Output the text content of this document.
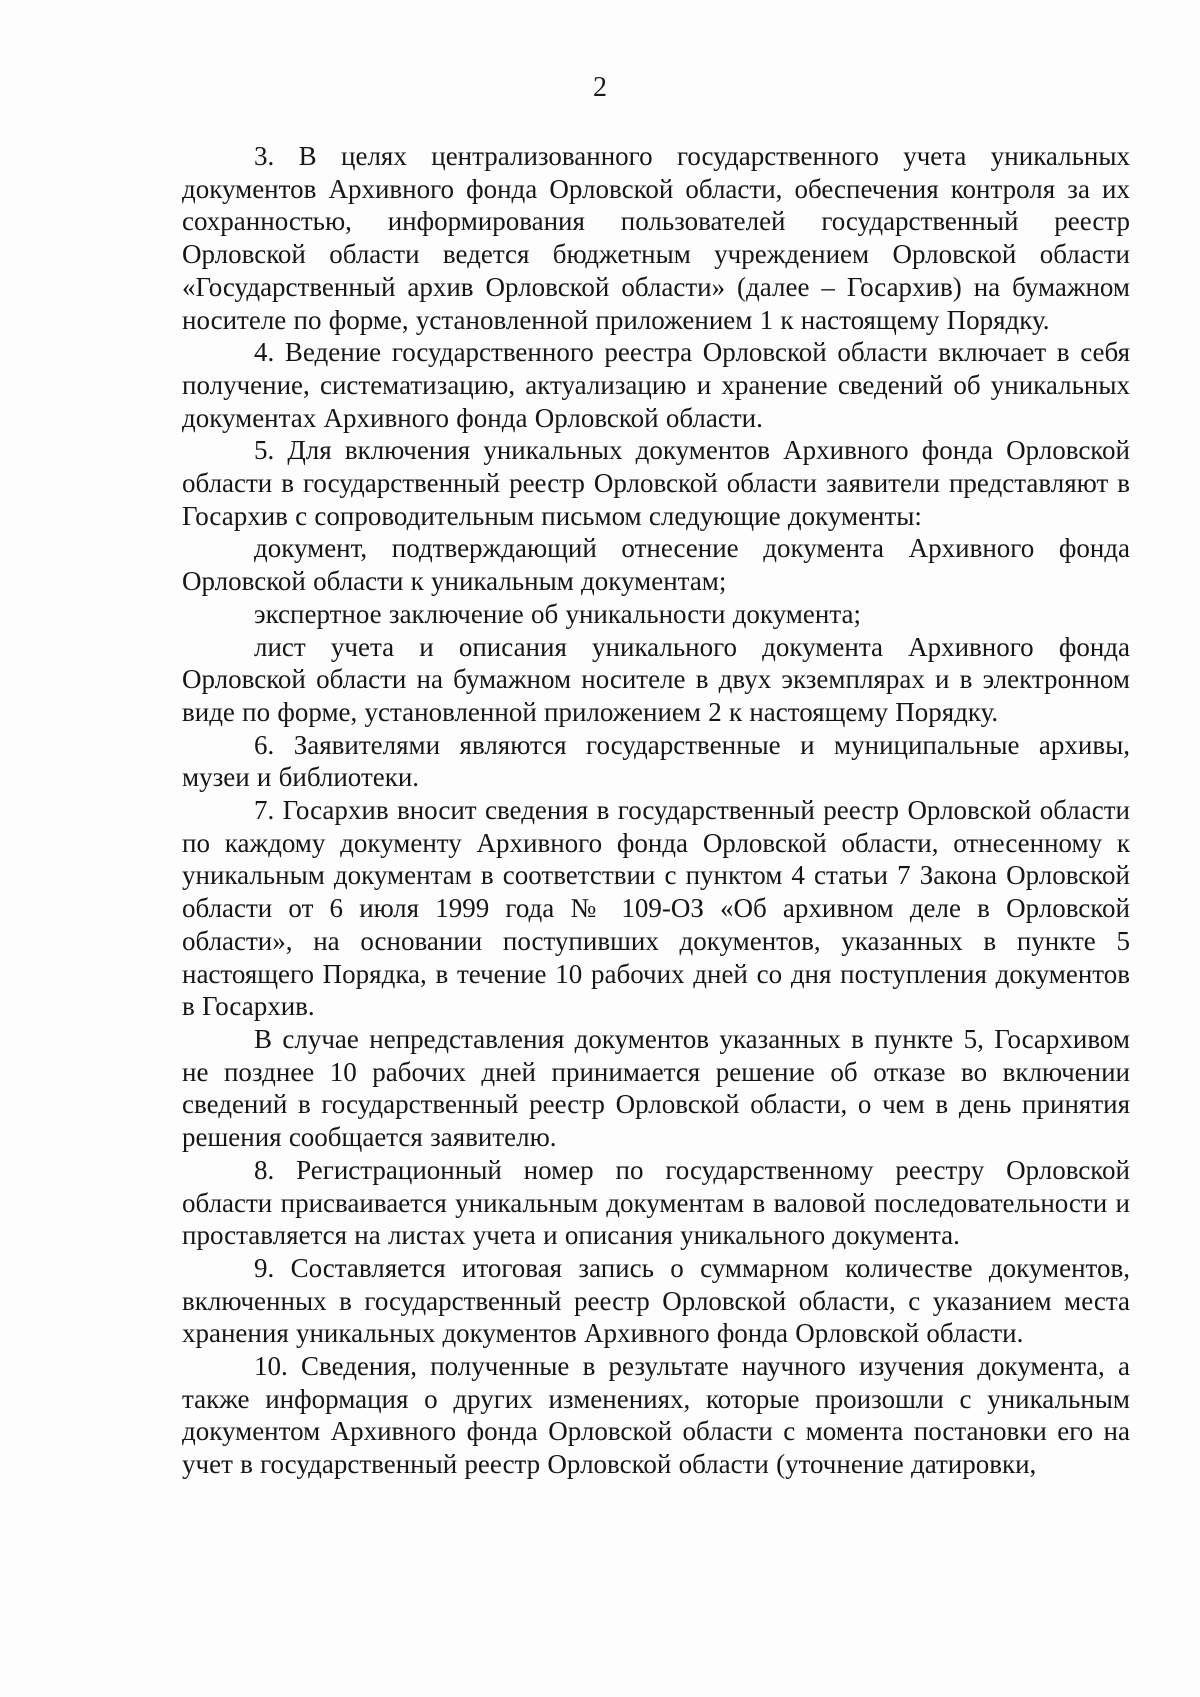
2

3. В целях централизованного государственного учета уникальных документов Архивного фонда Орловской области, обеспечения контроля за их сохранностью, информирования пользователей государственный реестр Орловской области ведется бюджетным учреждением Орловской области «Государственный архив Орловской области» (далее – Госархив) на бумажном носителе по форме, установленной приложением 1 к настоящему Порядку.

4. Ведение государственного реестра Орловской области включает в себя получение, систематизацию, актуализацию и хранение сведений об уникальных документах Архивного фонда Орловской области.

5. Для включения уникальных документов Архивного фонда Орловской области в государственный реестр Орловской области заявители представляют в Госархив с сопроводительным письмом следующие документы:

документ, подтверждающий отнесение документа Архивного фонда Орловской области к уникальным документам;

экспертное заключение об уникальности документа;

лист учета и описания уникального документа Архивного фонда Орловской области на бумажном носителе в двух экземплярах и в электронном виде по форме, установленной приложением 2 к настоящему Порядку.

6. Заявителями являются государственные и муниципальные архивы, музеи и библиотеки.

7. Госархив вносит сведения в государственный реестр Орловской области по каждому документу Архивного фонда Орловской области, отнесенному к уникальным документам в соответствии с пунктом 4 статьи 7 Закона Орловской области от 6 июля 1999 года № 109-ОЗ «Об архивном деле в Орловской области», на основании поступивших документов, указанных в пункте 5 настоящего Порядка, в течение 10 рабочих дней со дня поступления документов в Госархив.

В случае непредставления документов указанных в пункте 5, Госархивом не позднее 10 рабочих дней принимается решение об отказе во включении сведений в государственный реестр Орловской области, о чем в день принятия решения сообщается заявителю.

8. Регистрационный номер по государственному реестру Орловской области присваивается уникальным документам в валовой последовательности и проставляется на листах учета и описания уникального документа.

9. Составляется итоговая запись о суммарном количестве документов, включенных в государственный реестр Орловской области, с указанием места хранения уникальных документов Архивного фонда Орловской области.

10. Сведения, полученные в результате научного изучения документа, а также информация о других изменениях, которые произошли с уникальным документом Архивного фонда Орловской области с момента постановки его на учет в государственный реестр Орловской области (уточнение датировки,
